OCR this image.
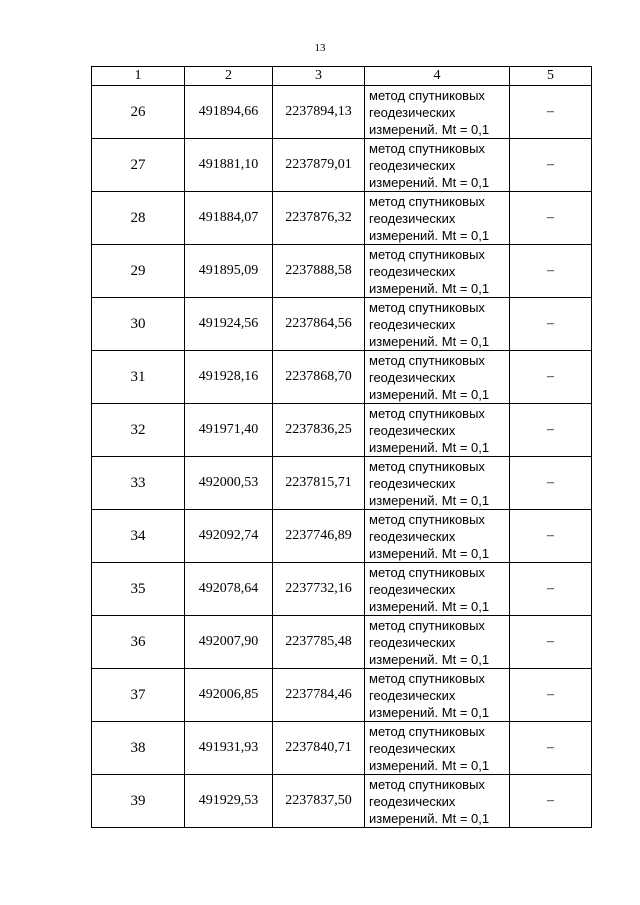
13
1	2	3	4	5
26	491894,66	2237894,13	метод спутниковых геодезических измерений. Mt = 0,1	–
27	491881,10	2237879,01	метод спутниковых геодезических измерений. Mt = 0,1	–
28	491884,07	2237876,32	метод спутниковых геодезических измерений. Mt = 0,1	–
29	491895,09	2237888,58	метод спутниковых геодезических измерений. Mt = 0,1	–
30	491924,56	2237864,56	метод спутниковых геодезических измерений. Mt = 0,1	–
31	491928,16	2237868,70	метод спутниковых геодезических измерений. Mt = 0,1	–
32	491971,40	2237836,25	метод спутниковых геодезических измерений. Mt = 0,1	–
33	492000,53	2237815,71	метод спутниковых геодезических измерений. Mt = 0,1	–
34	492092,74	2237746,89	метод спутниковых геодезических измерений. Mt = 0,1	–
35	492078,64	2237732,16	метод спутниковых геодезических измерений. Mt = 0,1	–
36	492007,90	2237785,48	метод спутниковых геодезических измерений. Mt = 0,1	–
37	492006,85	2237784,46	метод спутниковых геодезических измерений. Mt = 0,1	–
38	491931,93	2237840,71	метод спутниковых геодезических измерений. Mt = 0,1	–
39	491929,53	2237837,50	метод спутниковых геодезических измерений. Mt = 0,1	–
